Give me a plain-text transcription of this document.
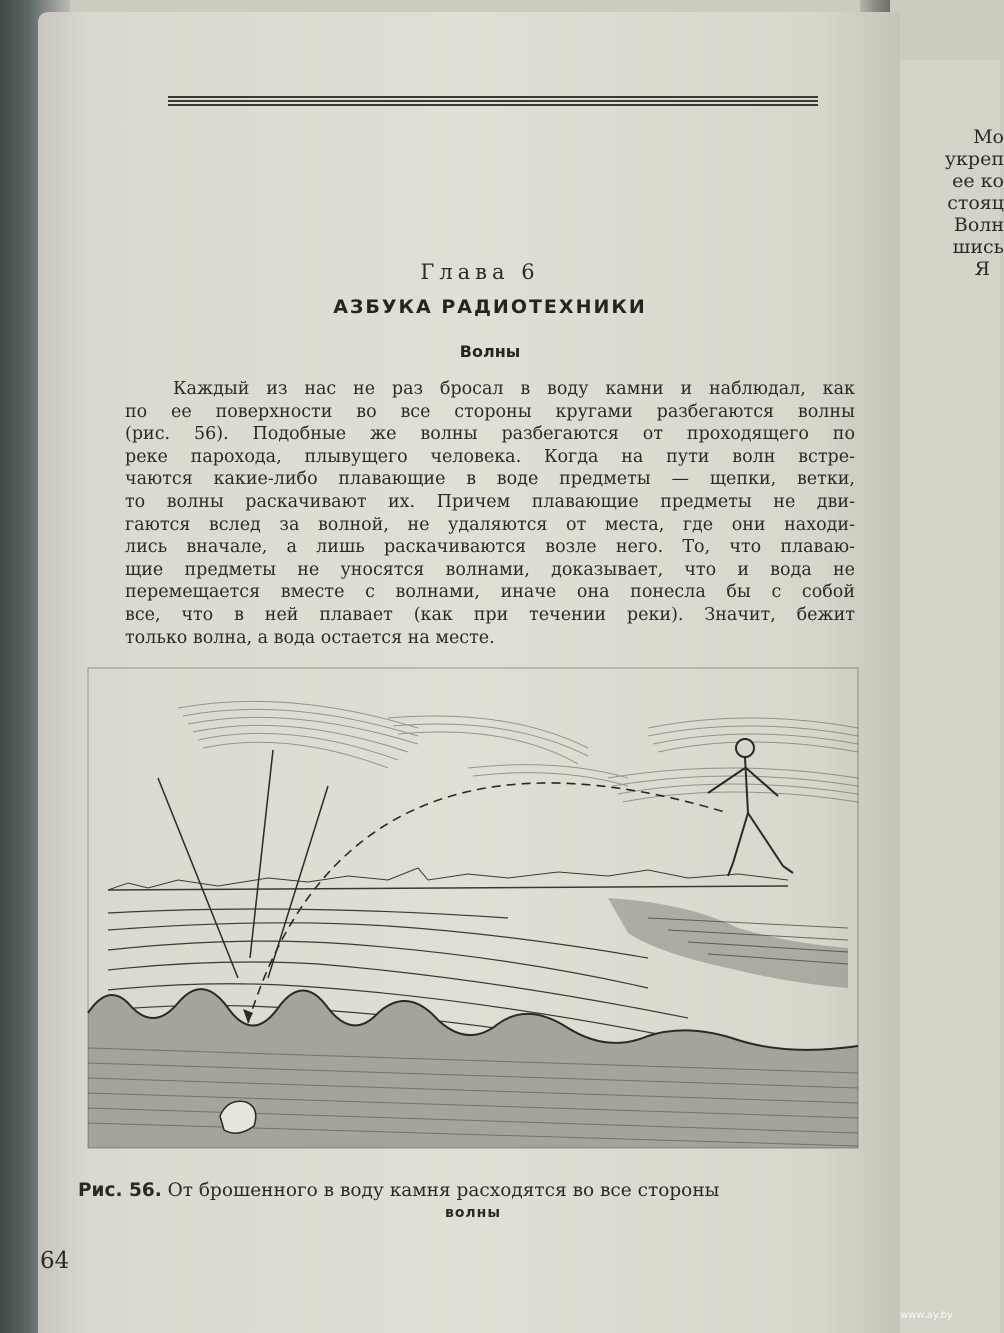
Mo
укреп
ее ко
стояц
Волн
шись
Я
Глава 6
АЗБУКА РАДИОТЕХНИКИ
Волны
Каждый из нас не раз бросал в воду камни и наблюдал, как
по ее поверхности во все стороны кругами разбегаются волны
(рис. 56). Подобные же волны разбегаются от проходящего по
реке парохода, плывущего человека. Когда на пути волн встре-
чаются какие-либо плавающие в воде предметы — щепки, ветки,
то волны раскачивают их. Причем плавающие предметы не дви-
гаются вслед за волной, не удаляются от места, где они находи-
лись вначале, а лишь раскачиваются возле него. То, что плаваю-
щие предметы не уносятся волнами, доказывает, что и вода не
перемещается вместе с волнами, иначе она понесла бы с собой
все, что в ней плавает (как при течении реки). Значит, бежит
только волна, а вода остается на месте.
Рис. 56. От брошенного в воду камня расходятся во все стороны
волны
64
www.ay.by
